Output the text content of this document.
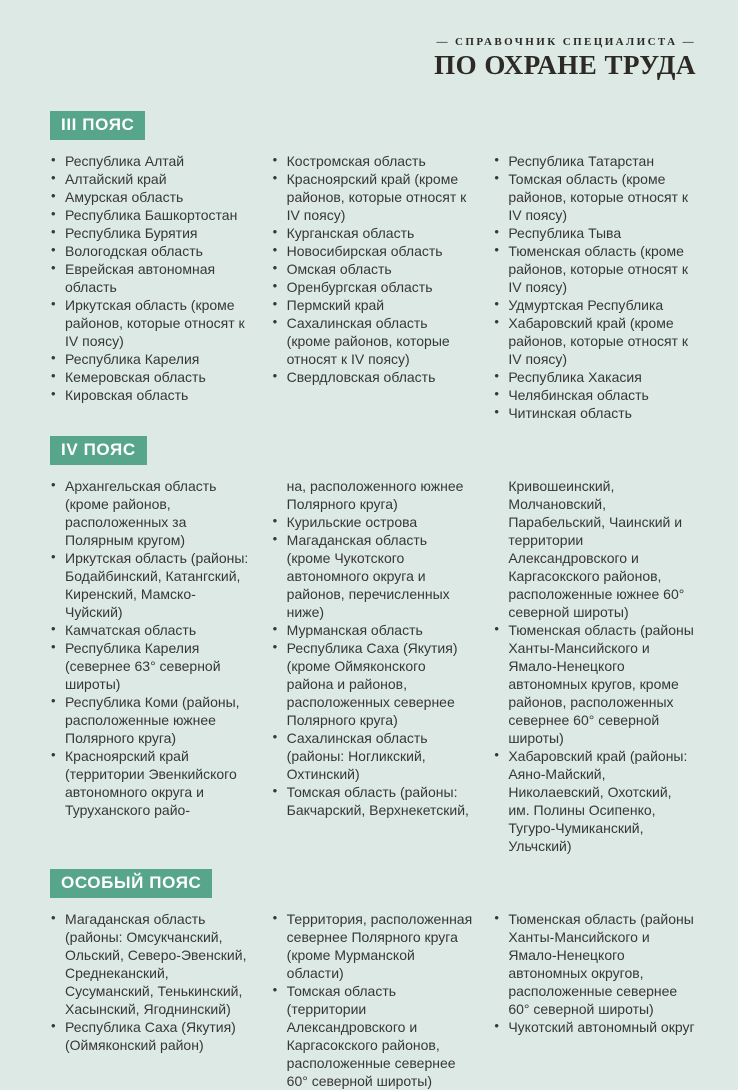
— СПРАВОЧНИК СПЕЦИАЛИСТА —
ПО ОХРАНЕ ТРУДА
III ПОЯС
• Республика Алтай
• Алтайский край
• Амурская область
• Республика Башкортостан
• Республика Бурятия
• Вологодская область
• Еврейская автономная область
• Иркутская область (кроме районов, которые относят к IV поясу)
• Республика Карелия
• Кемеровская область
• Кировская область
• Костромская область
• Красноярский край (кроме районов, которые относят к IV поясу)
• Курганская область
• Новосибирская область
• Омская область
• Оренбургская область
• Пермский край
• Сахалинская область (кроме районов, которые относят к IV поясу)
• Свердловская область
• Республика Татарстан
• Томская область (кроме районов, которые относят к IV поясу)
• Республика Тыва
• Тюменская область (кроме районов, которые относят к IV поясу)
• Удмуртская Республика
• Хабаровский край (кроме районов, которые относят к IV поясу)
• Республика Хакасия
• Челябинская область
• Читинская область
IV ПОЯС
• Архангельская область (кроме районов, расположенных за Полярным кругом)
• Иркутская область (районы: Бодайбинский, Катангский, Киренский, Мамско-Чуйский)
• Камчатская область
• Республика Карелия (севернее 63° северной широты)
• Республика Коми (районы, расположенные южнее Полярного круга)
• Красноярский край (территории Эвенкийского автономного округа и Туруханского райо-
на, расположенного южнее Полярного круга)
• Курильские острова
• Магаданская область (кроме Чукотского автономного округа и районов, перечисленных ниже)
• Мурманская область
• Республика Саха (Якутия) (кроме Оймяконского района и районов, расположенных севернее Полярного круга)
• Сахалинская область (районы: Ногликский, Охтинский)
• Томская область (районы: Бакчарский, Верхнекетский,
Кривошеинский, Молчановский, Парабельский, Чаинский и территории Александровского и Каргасокского районов, расположенные южнее 60° северной широты)
• Тюменская область (районы Ханты-Мансийского и Ямало-Ненецкого автономных кругов, кроме районов, расположенных севернее 60° северной широты)
• Хабаровский край (районы: Аяно-Майский, Николаевский, Охотский, им. Полины Осипенко, Тугуро-Чумиканский, Ульчский)
ОСОБЫЙ ПОЯС
• Магаданская область (районы: Омсукчанский, Ольский, Северо-Эвенский, Среднеканский, Сусуманский, Тенькинский, Хасынский, Ягоднинский)
• Республика Саха (Якутия) (Оймяконский район)
• Территория, расположенная севернее Полярного круга (кроме Мурманской области)
• Томская область (территории Александровского и Каргасокского районов, расположенные севернее 60° северной широты)
• Тюменская область (районы Ханты-Мансийского и Ямало-Ненецкого автономных округов, расположенные севернее 60° северной широты)
• Чукотский автономный округ
